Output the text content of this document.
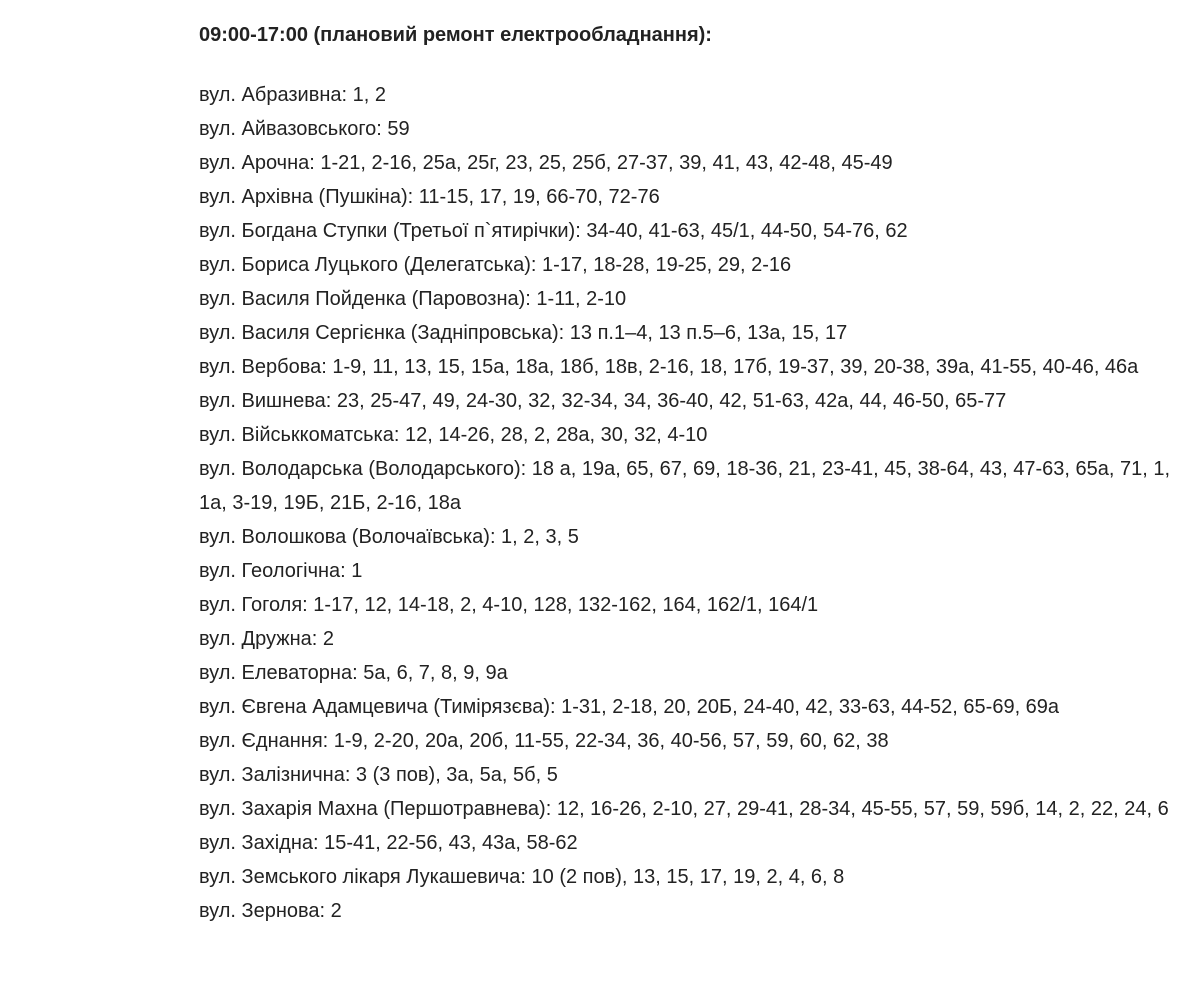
09:00-17:00 (плановий ремонт електрообладнання):

вул. Абразивна: 1, 2
вул. Айвазовського: 59
вул. Арочна: 1-21, 2-16, 25а, 25г, 23, 25, 25б, 27-37, 39, 41, 43, 42-48, 45-49
вул. Архівна (Пушкіна): 11-15, 17, 19, 66-70, 72-76
вул. Богдана Ступки (Третьої п`ятирічки): 34-40, 41-63, 45/1, 44-50, 54-76, 62
вул. Бориса Луцького (Делегатська): 1-17, 18-28, 19-25, 29, 2-16
вул. Василя Пойденка (Паровозна): 1-11, 2-10
вул. Василя Сергієнка (Задніпровська): 13 п.1–4, 13 п.5–6, 13а, 15, 17
вул. Вербова: 1-9, 11, 13, 15, 15а, 18а, 18б, 18в, 2-16, 18, 17б, 19-37, 39, 20-38, 39а, 41-55, 40-46, 46а
вул. Вишнева: 23, 25-47, 49, 24-30, 32, 32-34, 34, 36-40, 42, 51-63, 42а, 44, 46-50, 65-77
вул. Військкоматська: 12, 14-26, 28, 2, 28а, 30, 32, 4-10
вул. Володарська (Володарського): 18 а, 19а, 65, 67, 69, 18-36, 21, 23-41, 45, 38-64, 43, 47-63, 65а, 71, 1, 1а, 3-19, 19Б, 21Б, 2-16, 18а
вул. Волошкова (Волочаївська): 1, 2, 3, 5
вул. Геологічна: 1
вул. Гоголя: 1-17, 12, 14-18, 2, 4-10, 128, 132-162, 164, 162/1, 164/1
вул. Дружна: 2
вул. Елеваторна: 5а, 6, 7, 8, 9, 9а
вул. Євгена Адамцевича (Тимірязєва): 1-31, 2-18, 20, 20Б, 24-40, 42, 33-63, 44-52, 65-69, 69а
вул. Єднання: 1-9, 2-20, 20а, 20б, 11-55, 22-34, 36, 40-56, 57, 59, 60, 62, 38
вул. Залізнична: 3 (3 пов), 3а, 5а, 5б, 5
вул. Захарія Махна (Першотравнева): 12, 16-26, 2-10, 27, 29-41, 28-34, 45-55, 57, 59, 59б, 14, 2, 22, 24, 6
вул. Західна: 15-41, 22-56, 43, 43а, 58-62
вул. Земського лікаря Лукашевича: 10 (2 пов), 13, 15, 17, 19, 2, 4, 6, 8
вул. Зернова: 2
